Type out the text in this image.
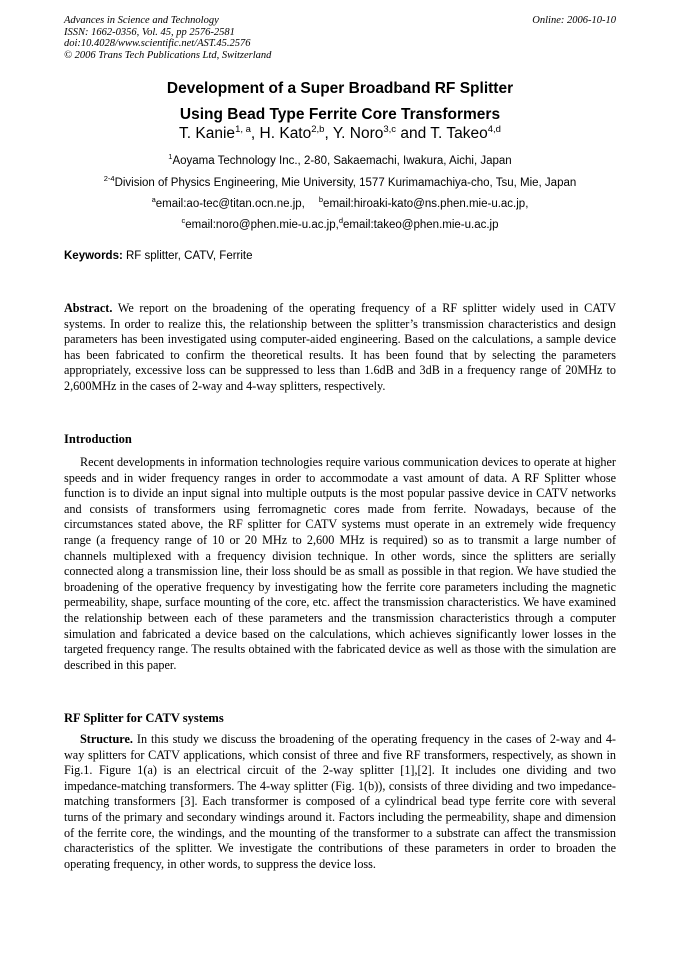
Advances in Science and Technology
ISSN: 1662-0356, Vol. 45, pp 2576-2581
doi:10.4028/www.scientific.net/AST.45.2576
© 2006 Trans Tech Publications Ltd, Switzerland
Online: 2006-10-10
Development of a Super Broadband RF Splitter
Using Bead Type Ferrite Core Transformers
T. Kanie$^{1, a}$, H. Kato$^{2,b}$, Y. Noro$^{3,c}$ and T. Takeo$^{4,d}$
$^1$Aoyama Technology Inc., 2-80, Sakaemachi, Iwakura, Aichi, Japan
$^{2-4}$Division of Physics Engineering, Mie University, 1577 Kurimamachiya-cho, Tsu, Mie, Japan
$^a$email:ao-tec@titan.ocn.ne.jp, $^b$email:hiroaki-kato@ns.phen.mie-u.ac.jp,
$^c$email:noro@phen.mie-u.ac.jp,$^d$email:takeo@phen.mie-u.ac.jp
Keywords: RF splitter, CATV, Ferrite
Abstract. We report on the broadening of the operating frequency of a RF splitter widely used in CATV systems. In order to realize this, the relationship between the splitter’s transmission characteristics and design parameters has been investigated using computer-aided engineering. Based on the calculations, a sample device has been fabricated to confirm the theoretical results. It has been found that by selecting the parameters appropriately, excessive loss can be suppressed to less than 1.6dB and 3dB in a frequency range of 20MHz to 2,600MHz in the cases of 2-way and 4-way splitters, respectively.
Introduction
Recent developments in information technologies require various communication devices to operate at higher speeds and in wider frequency ranges in order to accommodate a vast amount of data. A RF Splitter whose function is to divide an input signal into multiple outputs is the most popular passive device in CATV networks and consists of transformers using ferromagnetic cores made from ferrite. Nowadays, because of the circumstances stated above, the RF splitter for CATV systems must operate in an extremely wide frequency range (a frequency range of 10 or 20 MHz to 2,600 MHz is required) so as to transmit a large number of channels multiplexed with a frequency division technique. In other words, since the splitters are serially connected along a transmission line, their loss should be as small as possible in that region. We have studied the broadening of the operative frequency by investigating how the ferrite core parameters including the magnetic permeability, shape, surface mounting of the core, etc. affect the transmission characteristics. We have examined the relationship between each of these parameters and the transmission characteristics through a computer simulation and fabricated a device based on the calculations, which achieves significantly lower losses in the targeted frequency range. The results obtained with the fabricated device as well as those with the simulation are described in this paper.
RF Splitter for CATV systems
Structure. In this study we discuss the broadening of the operating frequency in the cases of 2-way and 4-way splitters for CATV applications, which consist of three and five RF transformers, respectively, as shown in Fig.1. Figure 1(a) is an electrical circuit of the 2-way splitter [1],[2]. It includes one dividing and two impedance-matching transformers. The 4-way splitter (Fig. 1(b)), consists of three dividing and two impedance-matching transformers [3]. Each transformer is composed of a cylindrical bead type ferrite core with several turns of the primary and secondary windings around it. Factors including the permeability, shape and dimension of the ferrite core, the windings, and the mounting of the transformer to a substrate can affect the transmission characteristics of the splitter. We investigate the contributions of these parameters in order to broaden the operating frequency, in other words, to suppress the device loss.
